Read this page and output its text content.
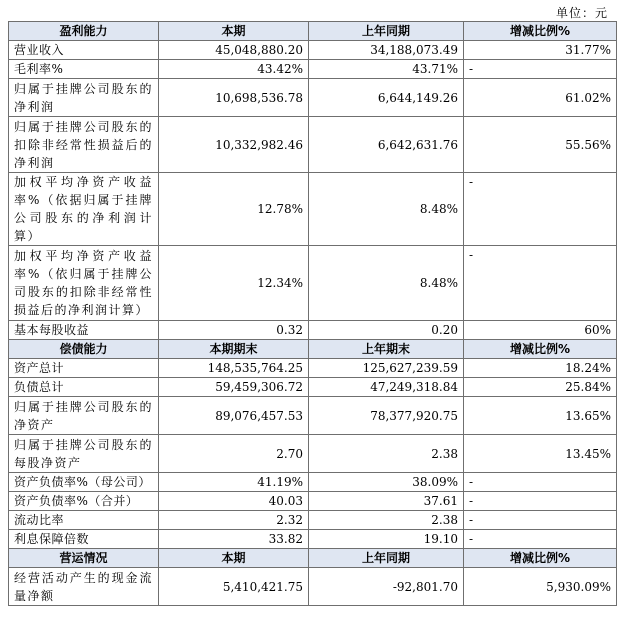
单位：元
盈利能力	本期	上年同期	增减比例%
营业收入	45,048,880.20	34,188,073.49	31.77%
毛利率%	43.42%	43.71%	-
归属于挂牌公司股东的净利润	10,698,536.78	6,644,149.26	61.02%
归属于挂牌公司股东的扣除非经常性损益后的净利润	10,332,982.46	6,642,631.76	55.56%
加权平均净资产收益率%（依据归属于挂牌公司股东的净利润计算）	12.78%	8.48%	-
加权平均净资产收益率%（依归属于挂牌公司股东的扣除非经常性损益后的净利润计算）	12.34%	8.48%	-
基本每股收益	0.32	0.20	60%
偿债能力	本期期末	上年期末	增减比例%
资产总计	148,535,764.25	125,627,239.59	18.24%
负债总计	59,459,306.72	47,249,318.84	25.84%
归属于挂牌公司股东的净资产	89,076,457.53	78,377,920.75	13.65%
归属于挂牌公司股东的每股净资产	2.70	2.38	13.45%
资产负债率%（母公司）	41.19%	38.09%	-
资产负债率%（合并）	40.03	37.61	-
流动比率	2.32	2.38	-
利息保障倍数	33.82	19.10	-
营运情况	本期	上年同期	增减比例%
经营活动产生的现金流量净额	5,410,421.75	-92,801.70	5,930.09%
